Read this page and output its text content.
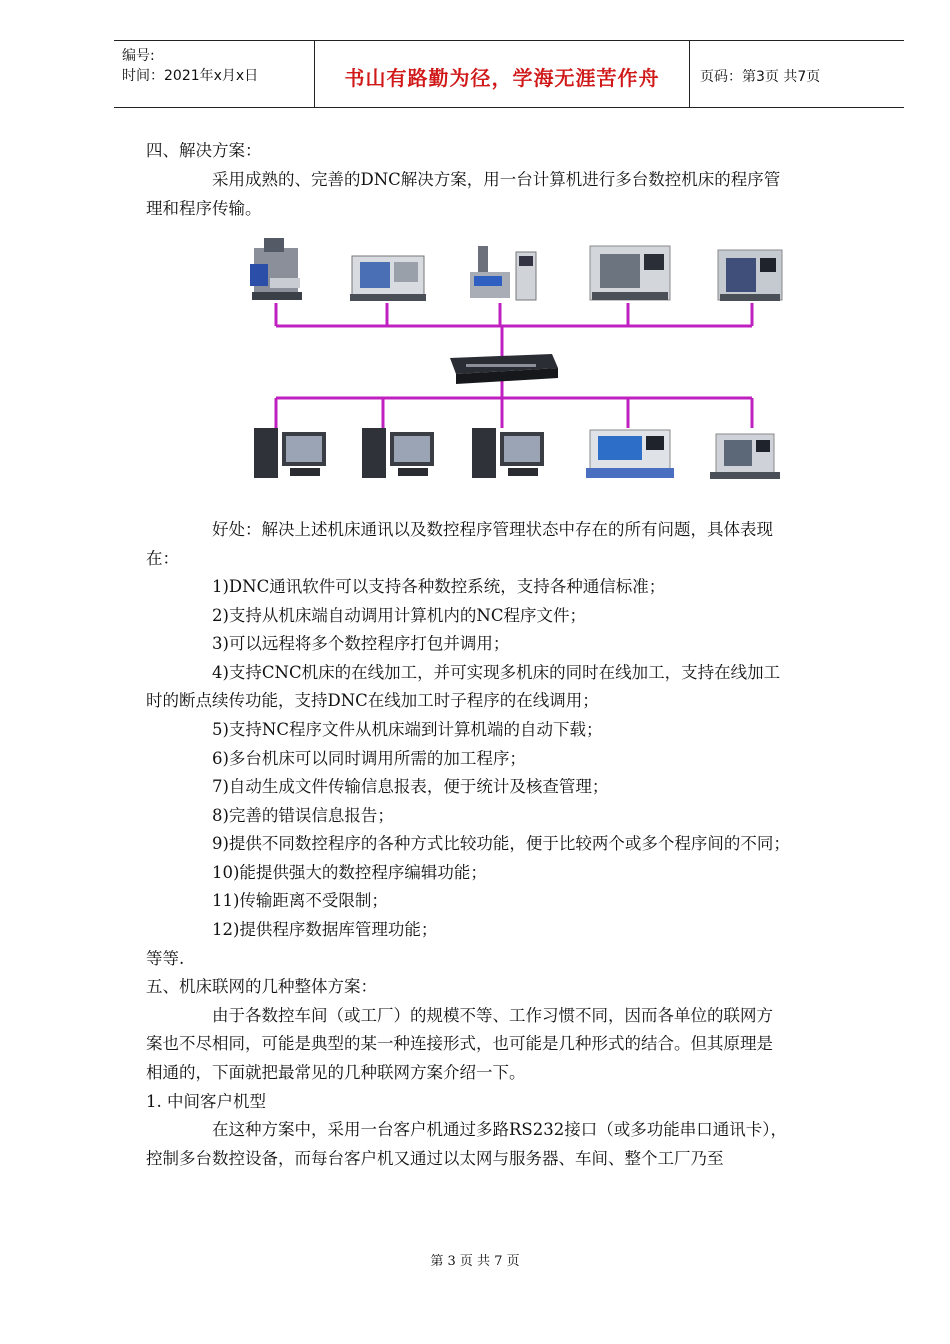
编号:
时间：2021年x月x日	书山有路勤为径，学海无涯苦作舟	页码：第3页 共7页
四、解决方案：
采用成熟的、完善的DNC解决方案，用一台计算机进行多台数控机床的程序管
理和程序传输。
好处：解决上述机床通讯以及数控程序管理状态中存在的所有问题，具体表现
在：
1)DNC通讯软件可以支持各种数控系统，支持各种通信标准；
2)支持从机床端自动调用计算机内的NC程序文件；
3)可以远程将多个数控程序打包并调用；
4)支持CNC机床的在线加工，并可实现多机床的同时在线加工，支持在线加工
时的断点续传功能，支持DNC在线加工时子程序的在线调用；
5)支持NC程序文件从机床端到计算机端的自动下载；
6)多台机床可以同时调用所需的加工程序；
7)自动生成文件传输信息报表，便于统计及核查管理；
8)完善的错误信息报告；
9)提供不同数控程序的各种方式比较功能，便于比较两个或多个程序间的不同；
10)能提供强大的数控程序编辑功能；
11)传输距离不受限制；
12)提供程序数据库管理功能；
等等.
五、机床联网的几种整体方案：
由于各数控车间（或工厂）的规模不等、工作习惯不同，因而各单位的联网方
案也不尽相同，可能是典型的某一种连接形式，也可能是几种形式的结合。但其原理是
相通的，下面就把最常见的几种联网方案介绍一下。
1. 中间客户机型
在这种方案中，采用一台客户机通过多路RS232接口（或多功能串口通讯卡），
控制多台数控设备，而每台客户机又通过以太网与服务器、车间、整个工厂乃至
第 3 页 共 7 页
